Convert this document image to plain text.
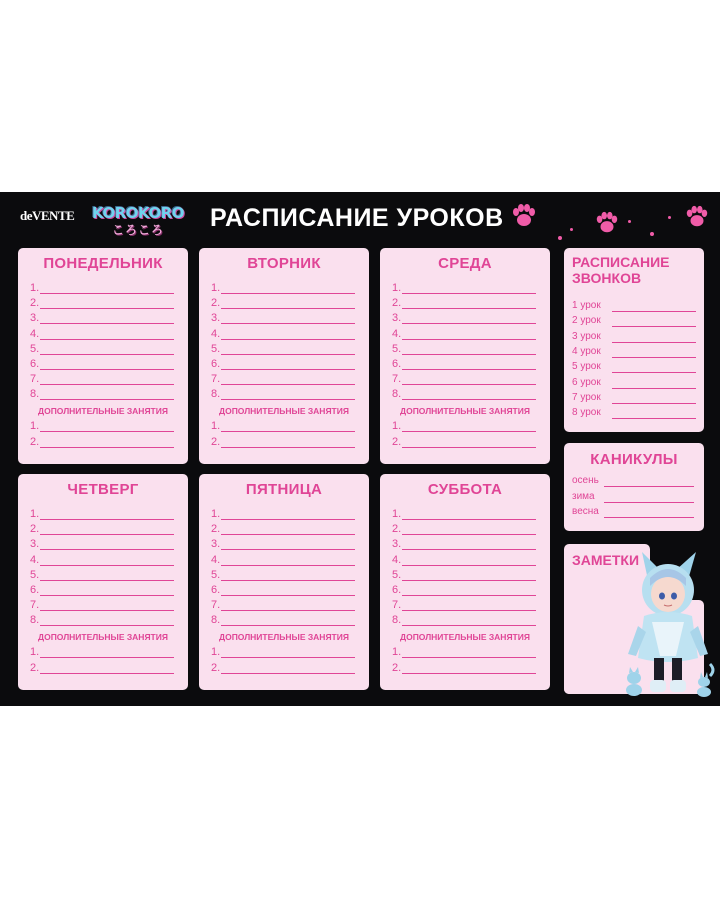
deVENTE KOROKORO
ころころ РАСПИСАНИЕ УРОКОВ
ПОНЕДЕЛЬНИК
1.
2.
3.
4.
5.
6.
7.
8.
ДОПОЛНИТЕЛЬНЫЕ ЗАНЯТИЯ
1.
2.
ВТОРНИК
1.
2.
3.
4.
5.
6.
7.
8.
ДОПОЛНИТЕЛЬНЫЕ ЗАНЯТИЯ
1.
2.
СРЕДА
1.
2.
3.
4.
5.
6.
7.
8.
ДОПОЛНИТЕЛЬНЫЕ ЗАНЯТИЯ
1.
2.
ЧЕТВЕРГ
1.
2.
3.
4.
5.
6.
7.
8.
ДОПОЛНИТЕЛЬНЫЕ ЗАНЯТИЯ
1.
2.
ПЯТНИЦА
1.
2.
3.
4.
5.
6.
7.
8.
ДОПОЛНИТЕЛЬНЫЕ ЗАНЯТИЯ
1.
2.
СУББОТА
1.
2.
3.
4.
5.
6.
7.
8.
ДОПОЛНИТЕЛЬНЫЕ ЗАНЯТИЯ
1.
2.
РАСПИСАНИЕ
ЗВОНКОВ
1 урок
2 урок
3 урок
4 урок
5 урок
6 урок
7 урок
8 урок
КАНИКУЛЫ
осень
зима
весна
ЗАМЕТКИ
